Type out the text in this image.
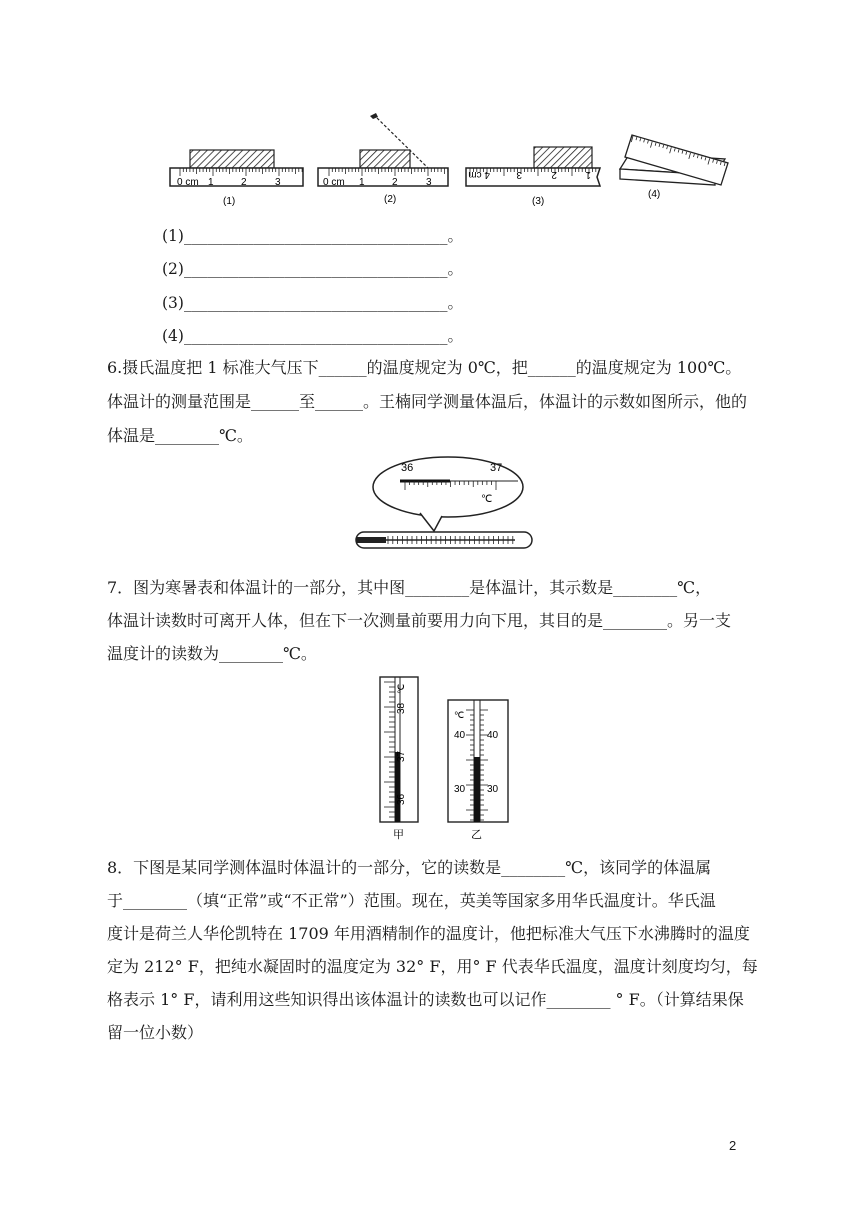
0 cm 1	2	3
(1)
0 cm 1	2	3
(2)
4 cm	3	2	1
(3)
(4)
(1)__________________________________。
(2)__________________________________。
(3)__________________________________。
(4)__________________________________。
6.摄氏温度把 1 标准大气压下______的温度规定为 0℃，把______的温度规定为 100℃。
体温计的测量范围是______至______。王楠同学测量体温后，体温计的示数如图所示，他的
体温是________℃。
36	37
℃
7．图为寒暑表和体温计的一部分，其中图________是体温计，其示数是________℃，
体温计读数时可离开人体，但在下一次测量前要用力向下甩，其目的是________。另一支
温度计的读数为________℃。
38
37
36
℃
甲
℃
40 40
30 30
乙
8．下图是某同学测体温时体温计的一部分，它的读数是________℃，该同学的体温属
于________（填“正常”或“不正常”）范围。现在，英美等国家多用华氏温度计。华氏温
度计是荷兰人华伦凯特在 1709 年用酒精制作的温度计，他把标准大气压下水沸腾时的温度
定为 212° F，把纯水凝固时的温度定为 32° F，用° F 代表华氏温度，温度计刻度均匀，每
格表示 1° F，请利用这些知识得出该体温计的读数也可以记作________ ° F。（计算结果保
留一位小数）
2
